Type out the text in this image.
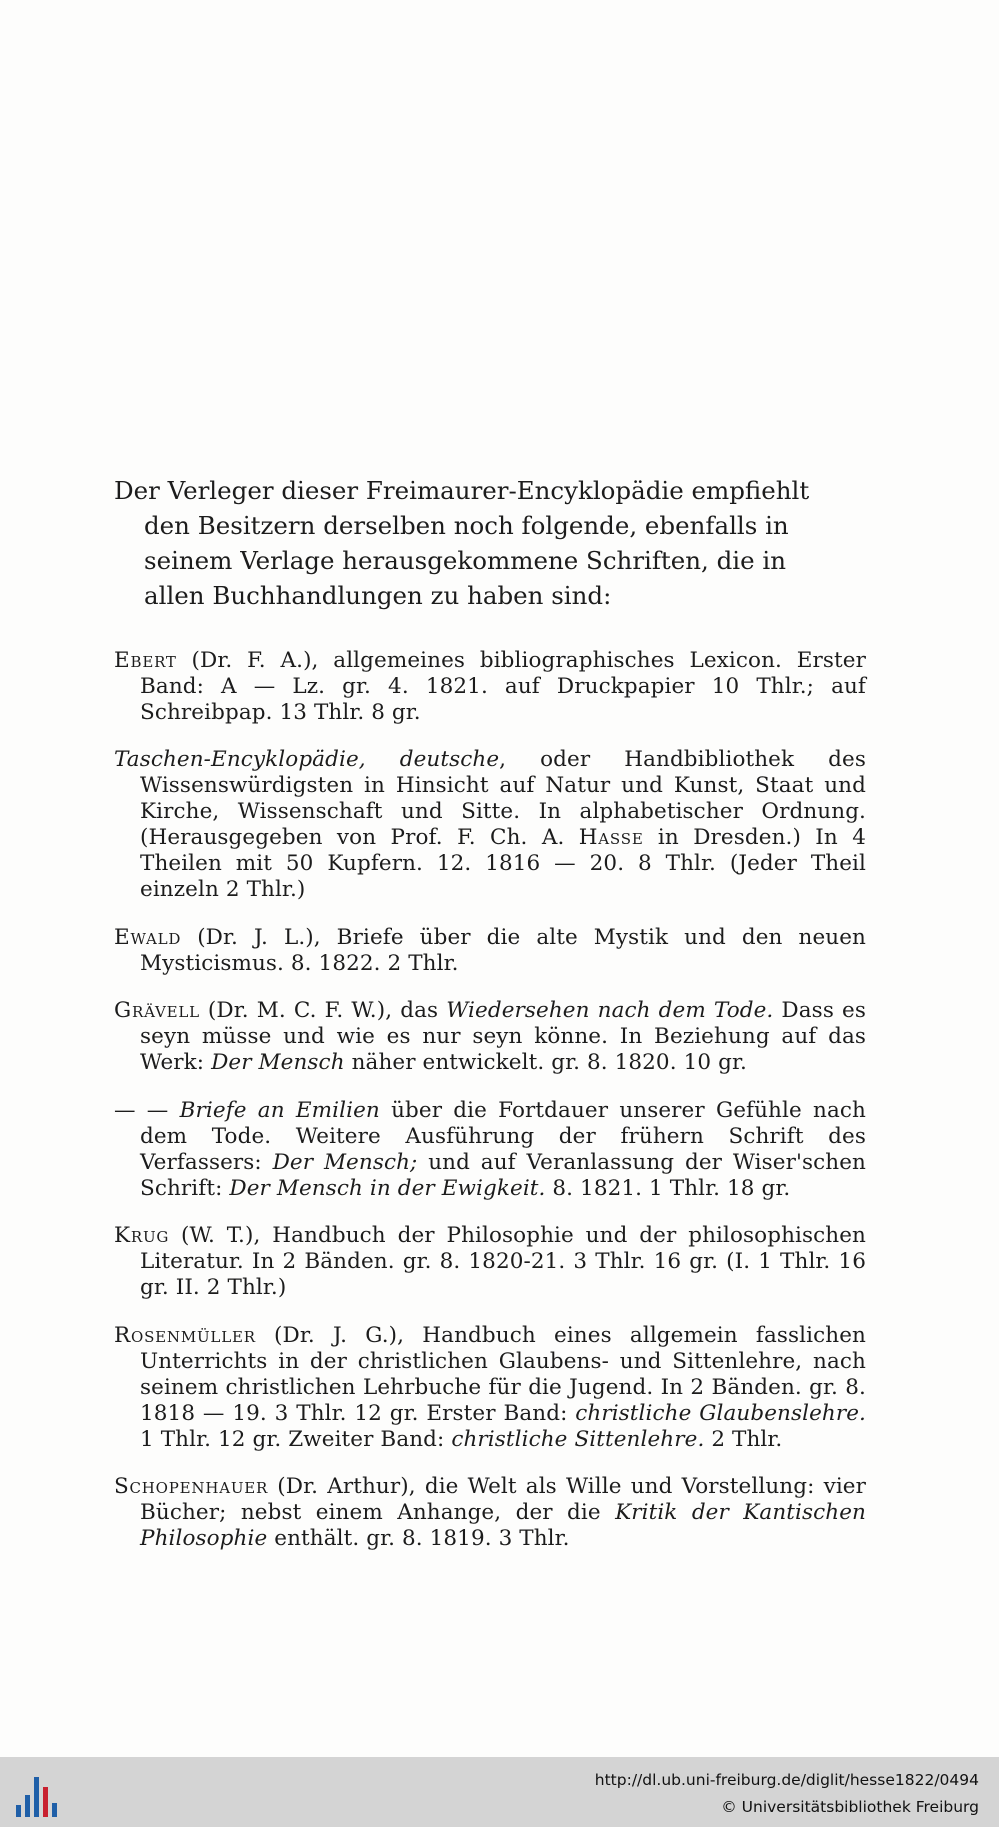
Der Verleger dieser Freimaurer-Encyklopädie empfiehlt
den Besitzern derselben noch folgende, ebenfalls in
seinem Verlage herausgekommene Schriften, die in
allen Buchhandlungen zu haben sind:

Ebert (Dr. F. A.), allgemeines bibliographisches Lexicon. Erster Band: A — Lz. gr. 4. 1821. auf Druckpapier 10 Thlr.; auf Schreibpap. 13 Thlr. 8 gr.

Taschen-Encyklopädie, deutsche, oder Handbibliothek des Wissenswürdigsten in Hinsicht auf Natur und Kunst, Staat und Kirche, Wissenschaft und Sitte. In alphabetischer Ordnung. (Herausgegeben von Prof. F. Ch. A. Hasse in Dresden.) In 4 Theilen mit 50 Kupfern. 12. 1816 — 20. 8 Thlr. (Jeder Theil einzeln 2 Thlr.)

Ewald (Dr. J. L.), Briefe über die alte Mystik und den neuen Mysticismus. 8. 1822. 2 Thlr.

Grävell (Dr. M. C. F. W.), das Wiedersehen nach dem Tode. Dass es seyn müsse und wie es nur seyn könne. In Beziehung auf das Werk: Der Mensch näher entwickelt. gr. 8. 1820. 10 gr.

— — Briefe an Emilien über die Fortdauer unserer Gefühle nach dem Tode. Weitere Ausführung der frühern Schrift des Verfassers: Der Mensch; und auf Veranlassung der Wiser'schen Schrift: Der Mensch in der Ewigkeit. 8. 1821. 1 Thlr. 18 gr.

Krug (W. T.), Handbuch der Philosophie und der philosophischen Literatur. In 2 Bänden. gr. 8. 1820-21. 3 Thlr. 16 gr. (I. 1 Thlr. 16 gr. II. 2 Thlr.)

Rosenmüller (Dr. J. G.), Handbuch eines allgemein fasslichen Unterrichts in der christlichen Glaubens- und Sittenlehre, nach seinem christlichen Lehrbuche für die Jugend. In 2 Bänden. gr. 8. 1818 — 19. 3 Thlr. 12 gr. Erster Band: christliche Glaubenslehre. 1 Thlr. 12 gr. Zweiter Band: christliche Sittenlehre. 2 Thlr.

Schopenhauer (Dr. Arthur), die Welt als Wille und Vorstellung: vier Bücher; nebst einem Anhange, der die Kritik der Kantischen Philosophie enthält. gr. 8. 1819. 3 Thlr.

http://dl.ub.uni-freiburg.de/diglit/hesse1822/0494
© Universitätsbibliothek Freiburg
